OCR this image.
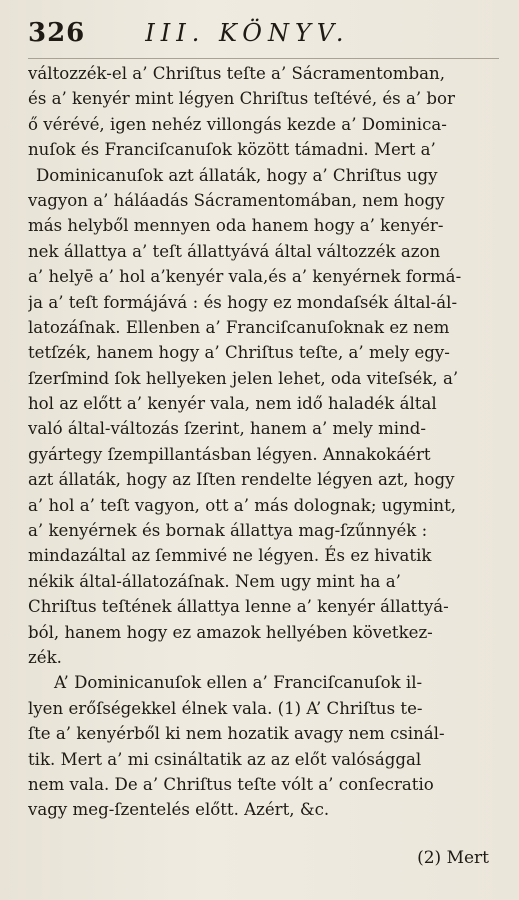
326	III. KÖNYV.
változzék-el a’ Chriſtus teſte a’ Sácramentomban,
és a’ kenyér mint légyen Chriſtus teſtévé, és a’ bor
ő vérévé, igen nehéz villongás kezde a’ Dominica-
nuſok és Franciſcanuſok között támadni. Mert a’
Dominicanuſok azt állaták, hogy a’ Chriſtus ugy
vagyon a’ háláadás Sácramentomában, nem hogy
más helyből mennyen oda hanem hogy a’ kenyér-
nek állattya a’ teſt állattyává által változzék azon
a’ helyē a’ hol a’kenyér vala,és a’ kenyérnek formá-
ja a’ teſt formájává : és hogy ez mondaſsék által-ál-
latozáſnak. Ellenben a’ Franciſcanuſoknak ez nem
tetſzék, hanem hogy a’ Chriſtus teſte, a’ mely egy-
ſzerſmind ſok hellyeken jelen lehet, oda viteſsék, a’
hol az előtt a’ kenyér vala, nem idő haladék által
való által-változás ſzerint, hanem a’ mely mind-
gyártegy ſzempillantásban légyen. Annakokáért
azt állaták, hogy az Iſten rendelte légyen azt, hogy
a’ hol a’ teſt vagyon, ott a’ más dolognak; ugymint,
a’ kenyérnek és bornak állattya mag-ſzűnnyék :
mindazáltal az ſemmivé ne légyen. És ez hivatik
nékik által-állatozáſnak. Nem ugy mint ha a’
Chriſtus teſtének állattya lenne a’ kenyér állattyá-
ból, hanem hogy ez amazok hellyében következ-
zék.
A’ Dominicanuſok ellen a’ Franciſcanuſok il-
lyen erőſségekkel élnek vala. (1) A’ Chriſtus te-
ſte a’ kenyérből ki nem hozatik avagy nem csinál-
tik. Mert a’ mi csináltatik az az előt valósággal
nem vala. De a’ Chriſtus teſte vólt a’ conſecratio
vagy meg-ſzentelés előtt. Azért, &c.
(2) Mert
